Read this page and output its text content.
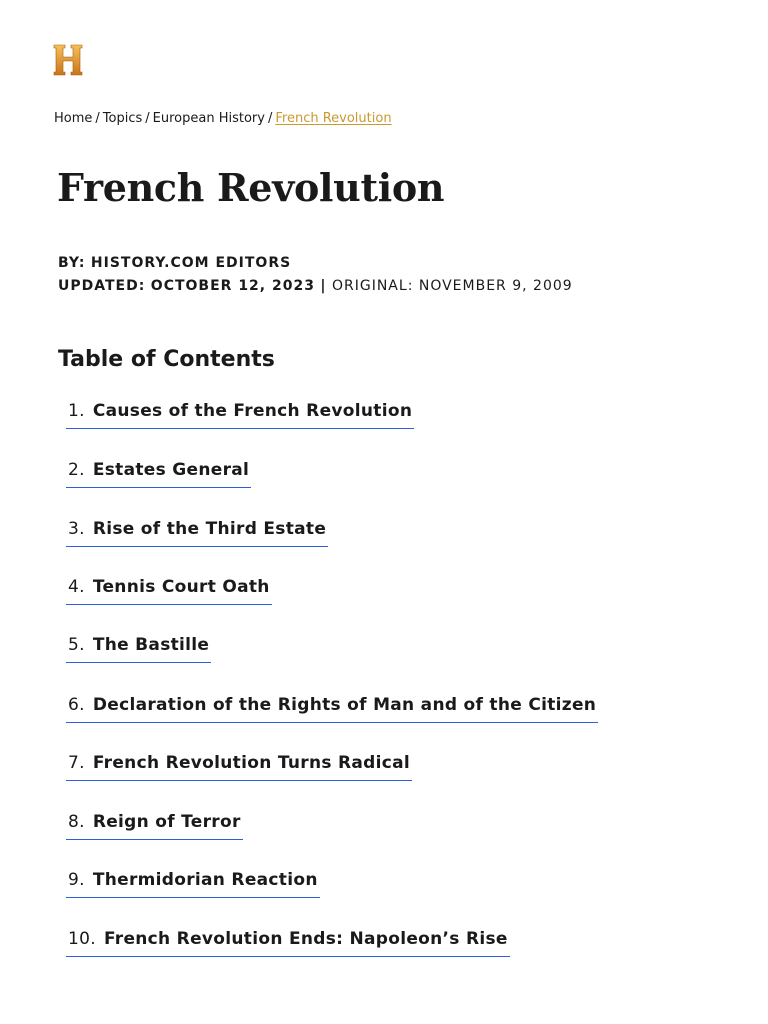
Home / Topics / European History / French Revolution
French Revolution
BY: HISTORY.COM EDITORS
UPDATED: OCTOBER 12, 2023 | ORIGINAL: NOVEMBER 9, 2009
Table of Contents
1. Causes of the French Revolution
2. Estates General
3. Rise of the Third Estate
4. Tennis Court Oath
5. The Bastille
6. Declaration of the Rights of Man and of the Citizen
7. French Revolution Turns Radical
8. Reign of Terror
9. Thermidorian Reaction
10. French Revolution Ends: Napoleon’s Rise
